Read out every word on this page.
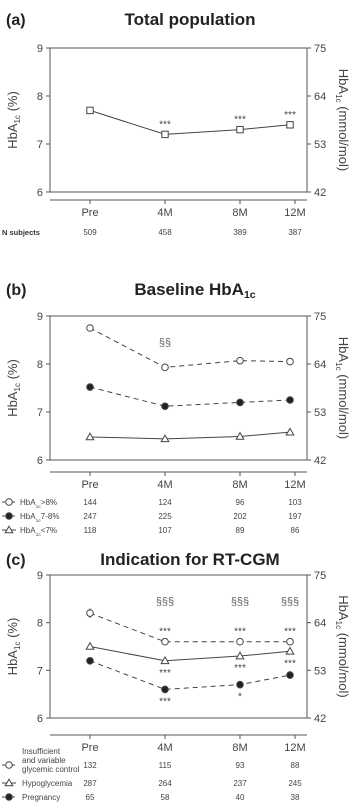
(a)	Total population
6	42
7	53
8	64
9	75
HbA$_{1c}$ (%)
HbA$_{1c}$ (mmol/mol)
Pre	4M	8M	12M
***	***	***
N subjects	509	458	389	387
(b)	Baseline HbA1c
6	42
7	53
8	64
9	75
HbA$_{1c}$ (%)
HbA$_{1c}$ (mmol/mol)
Pre	4M	8M	12M
§§
HbA$_{1c}$>8%	144	124	96	103
HbA$_{1c}$7-8%	247	225	202	197
HbA$_{1c}$<7%	118	107	89	86
(c)	Indication for RT-CGM
6	42
7	53
8	64
9	75
HbA$_{1c}$ (%)
HbA$_{1c}$ (mmol/mol)
Pre	4M	8M	12M
§§§	§§§	§§§
***	***	***
***	***	***
***	*
Insufficient
and variable
glycemic control 132	115	93	88
Hypoglycemia 287	264	237	245
Pregnancy	65	58	40	38
